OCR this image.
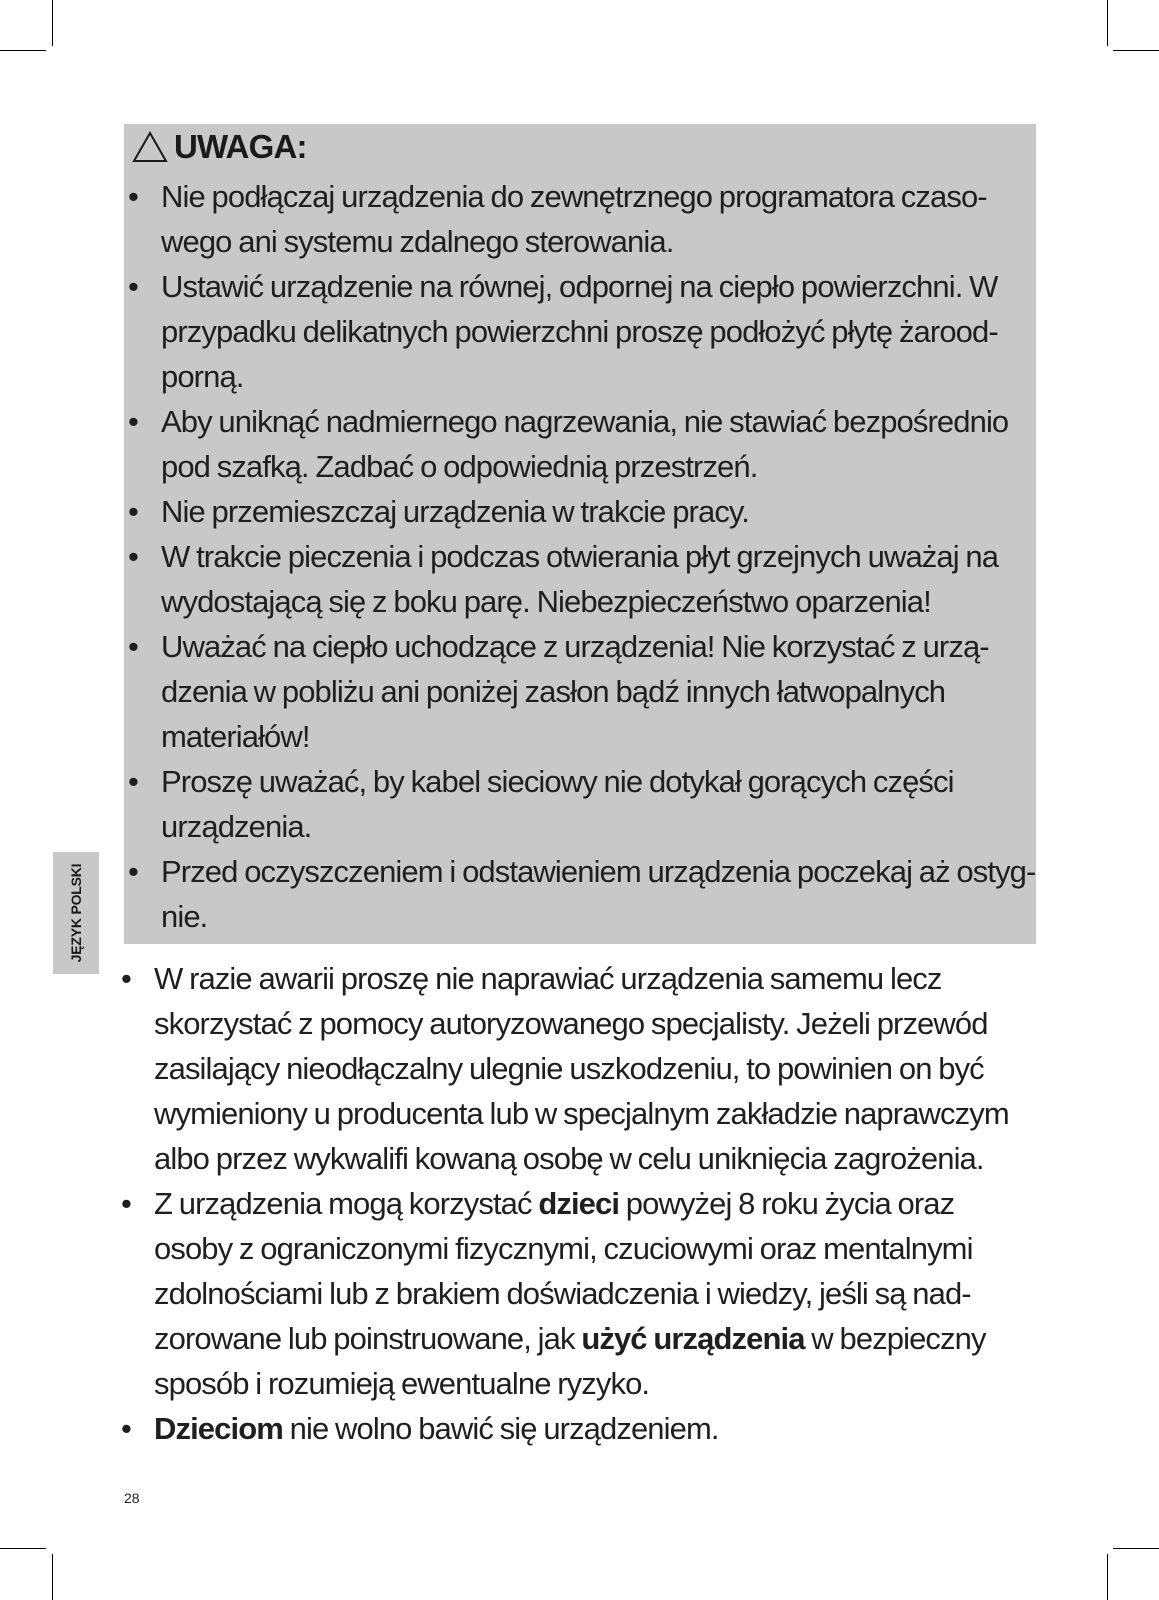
UWAGA:
• Nie podłączaj urządzenia do zewnętrznego programatora czaso-
wego ani systemu zdalnego sterowania.
• Ustawić urządzenie na równej, odpornej na ciepło powierzchni. W
przypadku delikatnych powierzchni proszę podłożyć płytę żarood-
porną.
• Aby uniknąć nadmiernego nagrzewania, nie stawiać bezpośrednio
pod szafką. Zadbać o odpowiednią przestrzeń.
• Nie przemieszczaj urządzenia w trakcie pracy.
• W trakcie pieczenia i podczas otwierania płyt grzejnych uważaj na
wydostającą się z boku parę. Niebezpieczeństwo oparzenia!
• Uważać na ciepło uchodzące z urządzenia! Nie korzystać z urzą-
dzenia w pobliżu ani poniżej zasłon bądź innych łatwopalnych
materiałów!
• Proszę uważać, by kabel sieciowy nie dotykał gorących części
urządzenia.
• Przed oczyszczeniem i odstawieniem urządzenia poczekaj aż ostyg-
nie.
JĘZYK POLSKI
• W razie awarii proszę nie naprawiać urządzenia samemu lecz
skorzystać z pomocy autoryzowanego specjalisty. Jeżeli przewód
zasilający nieodłączalny ulegnie uszkodzeniu, to powinien on być
wymieniony u producenta lub w specjalnym zakładzie naprawczym
albo przez wykwalifi kowaną osobę w celu uniknięcia zagrożenia.
• Z urządzenia mogą korzystać dzieci powyżej 8 roku życia oraz
osoby z ograniczonymi fizycznymi, czuciowymi oraz mentalnymi
zdolnościami lub z brakiem doświadczenia i wiedzy, jeśli są nad-
zorowane lub poinstruowane, jak użyć urządzenia w bezpieczny
sposób i rozumieją ewentualne ryzyko.
• Dzieciom nie wolno bawić się urządzeniem.
28
